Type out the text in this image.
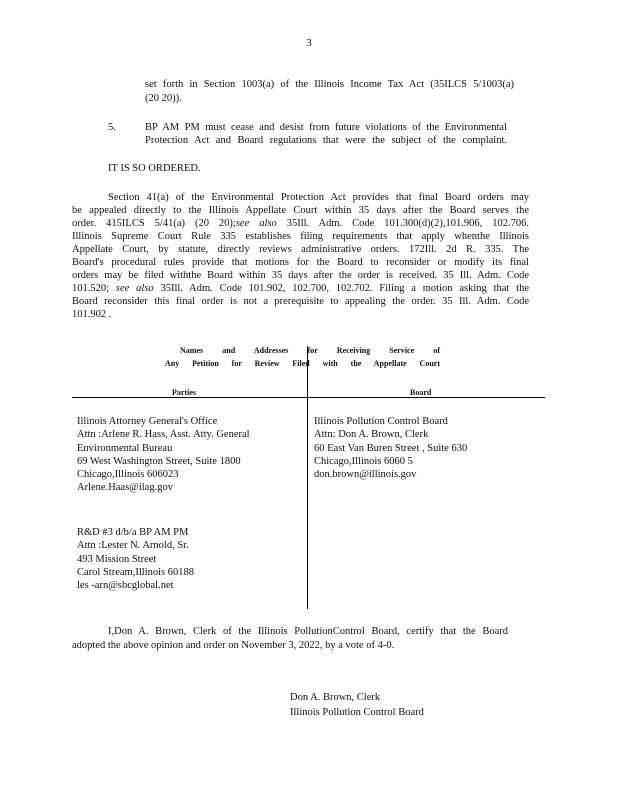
3
set forth in Section 1003(a) of the Illinois Income Tax Act (35ILCS 5/1003(a)
(20 20)).
5.	BP AM PM must cease and desist from future violations of the Environmental
Protection Act and Board regulations that were the subject of the complaint.
IT IS SO ORDERED.
Section 41(a) of the Environmental Protection Act provides that final Board orders may
be appealed directly to the Illinois Appellate Court within 35 days after the Board serves the
order. 415ILCS 5/41(a) (20 20);see also 35Ill. Adm. Code 101.300(d)(2),101.906, 102.706.
Illinois Supreme Court Rule 335 establishes filing requirements that apply whenthe Illinois
Appellate Court, by statute, directly reviews administrative orders. 172Ill. 2d R. 335. The
Board's procedural rules provide that motions for the Board to reconsider or modify its final
orders may be filed withthe Board within 35 days after the order is received. 35 Ill. Adm. Code
101.520; see also 35Ill. Adm. Code 101.902, 102.700, 102.702. Filing a motion asking that the
Board reconsider this final order is not a prerequisite to appealing the order. 35 Ill. Adm. Code
101.902 .
Names and Addresses for Receiving Service of
Any Petition for Review Filed with the Appellate Court
Parties	Board
Illinois Attorney General's Office
Attn :Arlene R. Hass, Asst. Atty. General
Environmental Bureau
69 West Washington Street, Suite 1800
Chicago,Illinois 606023
Arlene.Haas@ilag.gov
Illinois Pollution Control Board
Attn: Don A. Brown, Clerk
60 East Van Buren Street , Suite 630
Chicago,Illinois 6060 5
don.brown@illinois.gov
R&D #3 d/b/a BP AM PM
Attn :Lester N. Arnold, Sr.
493 Mission Street
Carol Stream,Illinois 60188
les -arn@sbcglobal.net
I,Don A. Brown, Clerk of the Illinois PollutionControl Board, certify that the Board
adopted the above opinion and order on November 3, 2022, by a vote of 4-0.
Don A. Brown, Clerk
Illinois Pollution Control Board
